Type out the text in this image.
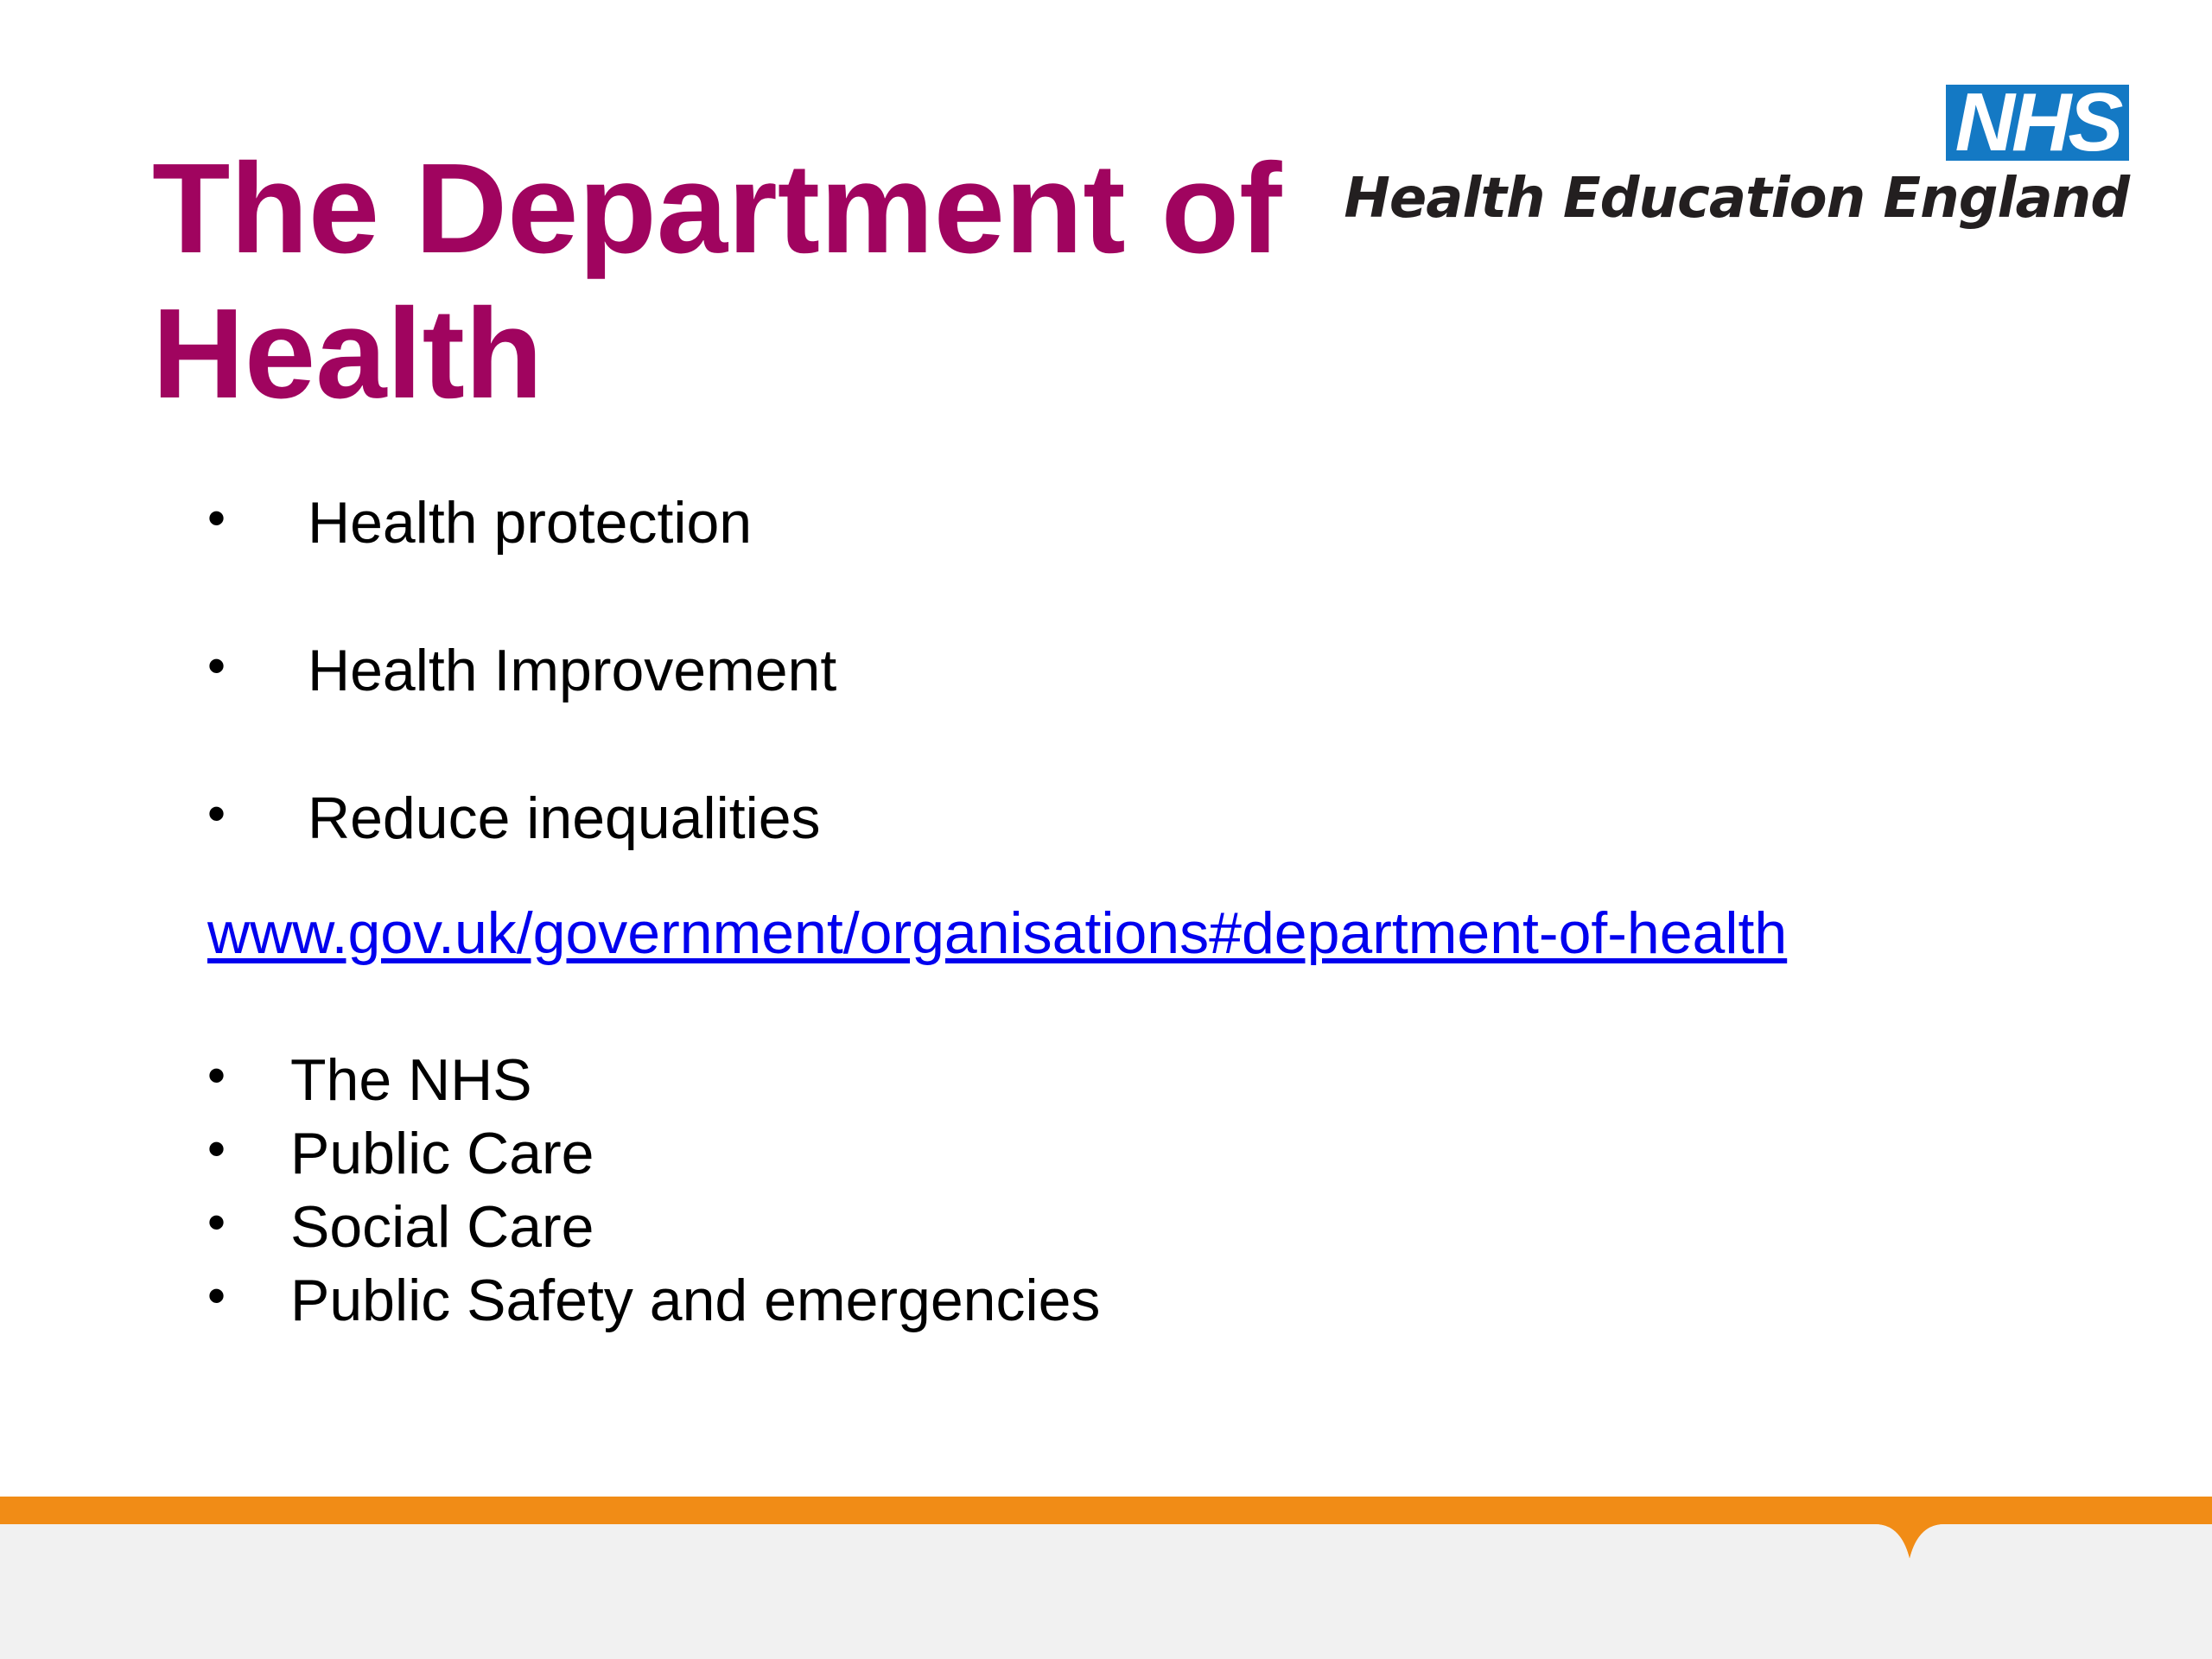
The Department of Health
NHS
Health Education England
• Health protection
• Health Improvement
• Reduce inequalities
www.gov.uk/government/organisations#department-of-health
• The NHS
• Public Care
• Social Care
• Public Safety and emergencies
